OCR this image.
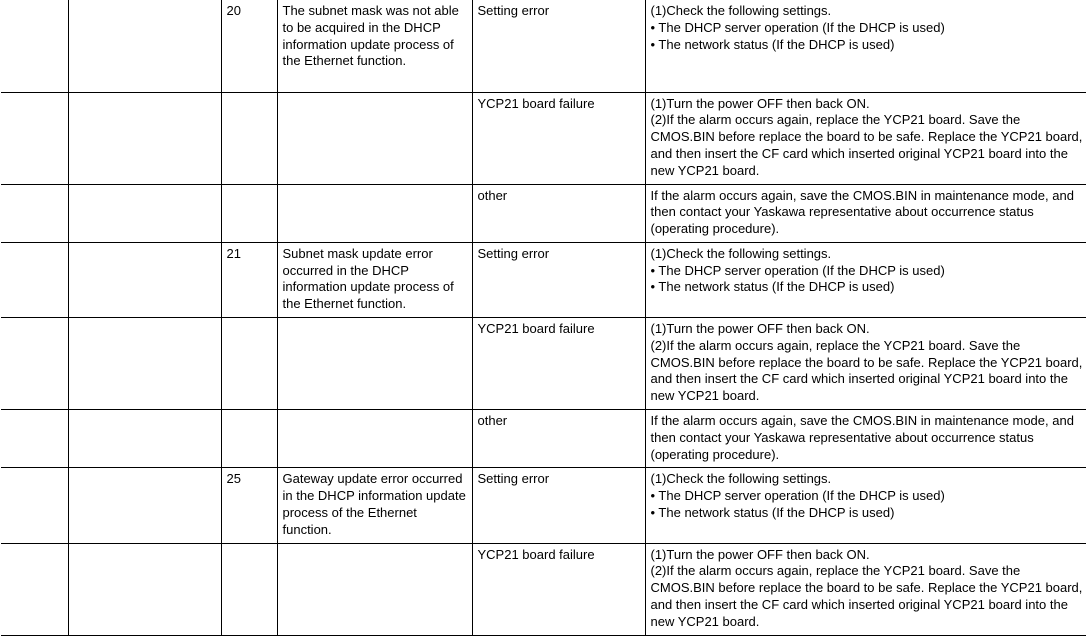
		20	The subnet mask was not able to be acquired in the DHCP information update process of the Ethernet function.	Setting error	(1)Check the following settings.
• The DHCP server operation (If the DHCP is used)
• The network status (If the DHCP is used)

				YCP21 board failure	(1)Turn the power OFF then back ON.
(2)If the alarm occurs again, replace the YCP21 board. Save the CMOS.BIN before replace the board to be safe. Replace the YCP21 board, and then insert the CF card which inserted original YCP21 board into the new YCP21 board.

				other	If the alarm occurs again, save the CMOS.BIN in maintenance mode, and then contact your Yaskawa representative about occurrence status (operating procedure).

		21	Subnet mask update error occurred in the DHCP information update process of the Ethernet function.	Setting error	(1)Check the following settings.
• The DHCP server operation (If the DHCP is used)
• The network status (If the DHCP is used)

				YCP21 board failure	(1)Turn the power OFF then back ON.
(2)If the alarm occurs again, replace the YCP21 board. Save the CMOS.BIN before replace the board to be safe. Replace the YCP21 board, and then insert the CF card which inserted original YCP21 board into the new YCP21 board.

				other	If the alarm occurs again, save the CMOS.BIN in maintenance mode, and then contact your Yaskawa representative about occurrence status (operating procedure).

		25	Gateway update error occurred in the DHCP information update process of the Ethernet function.	Setting error	(1)Check the following settings.
• The DHCP server operation (If the DHCP is used)
• The network status (If the DHCP is used)

				YCP21 board failure	(1)Turn the power OFF then back ON.
(2)If the alarm occurs again, replace the YCP21 board. Save the CMOS.BIN before replace the board to be safe. Replace the YCP21 board, and then insert the CF card which inserted original YCP21 board into the new YCP21 board.
